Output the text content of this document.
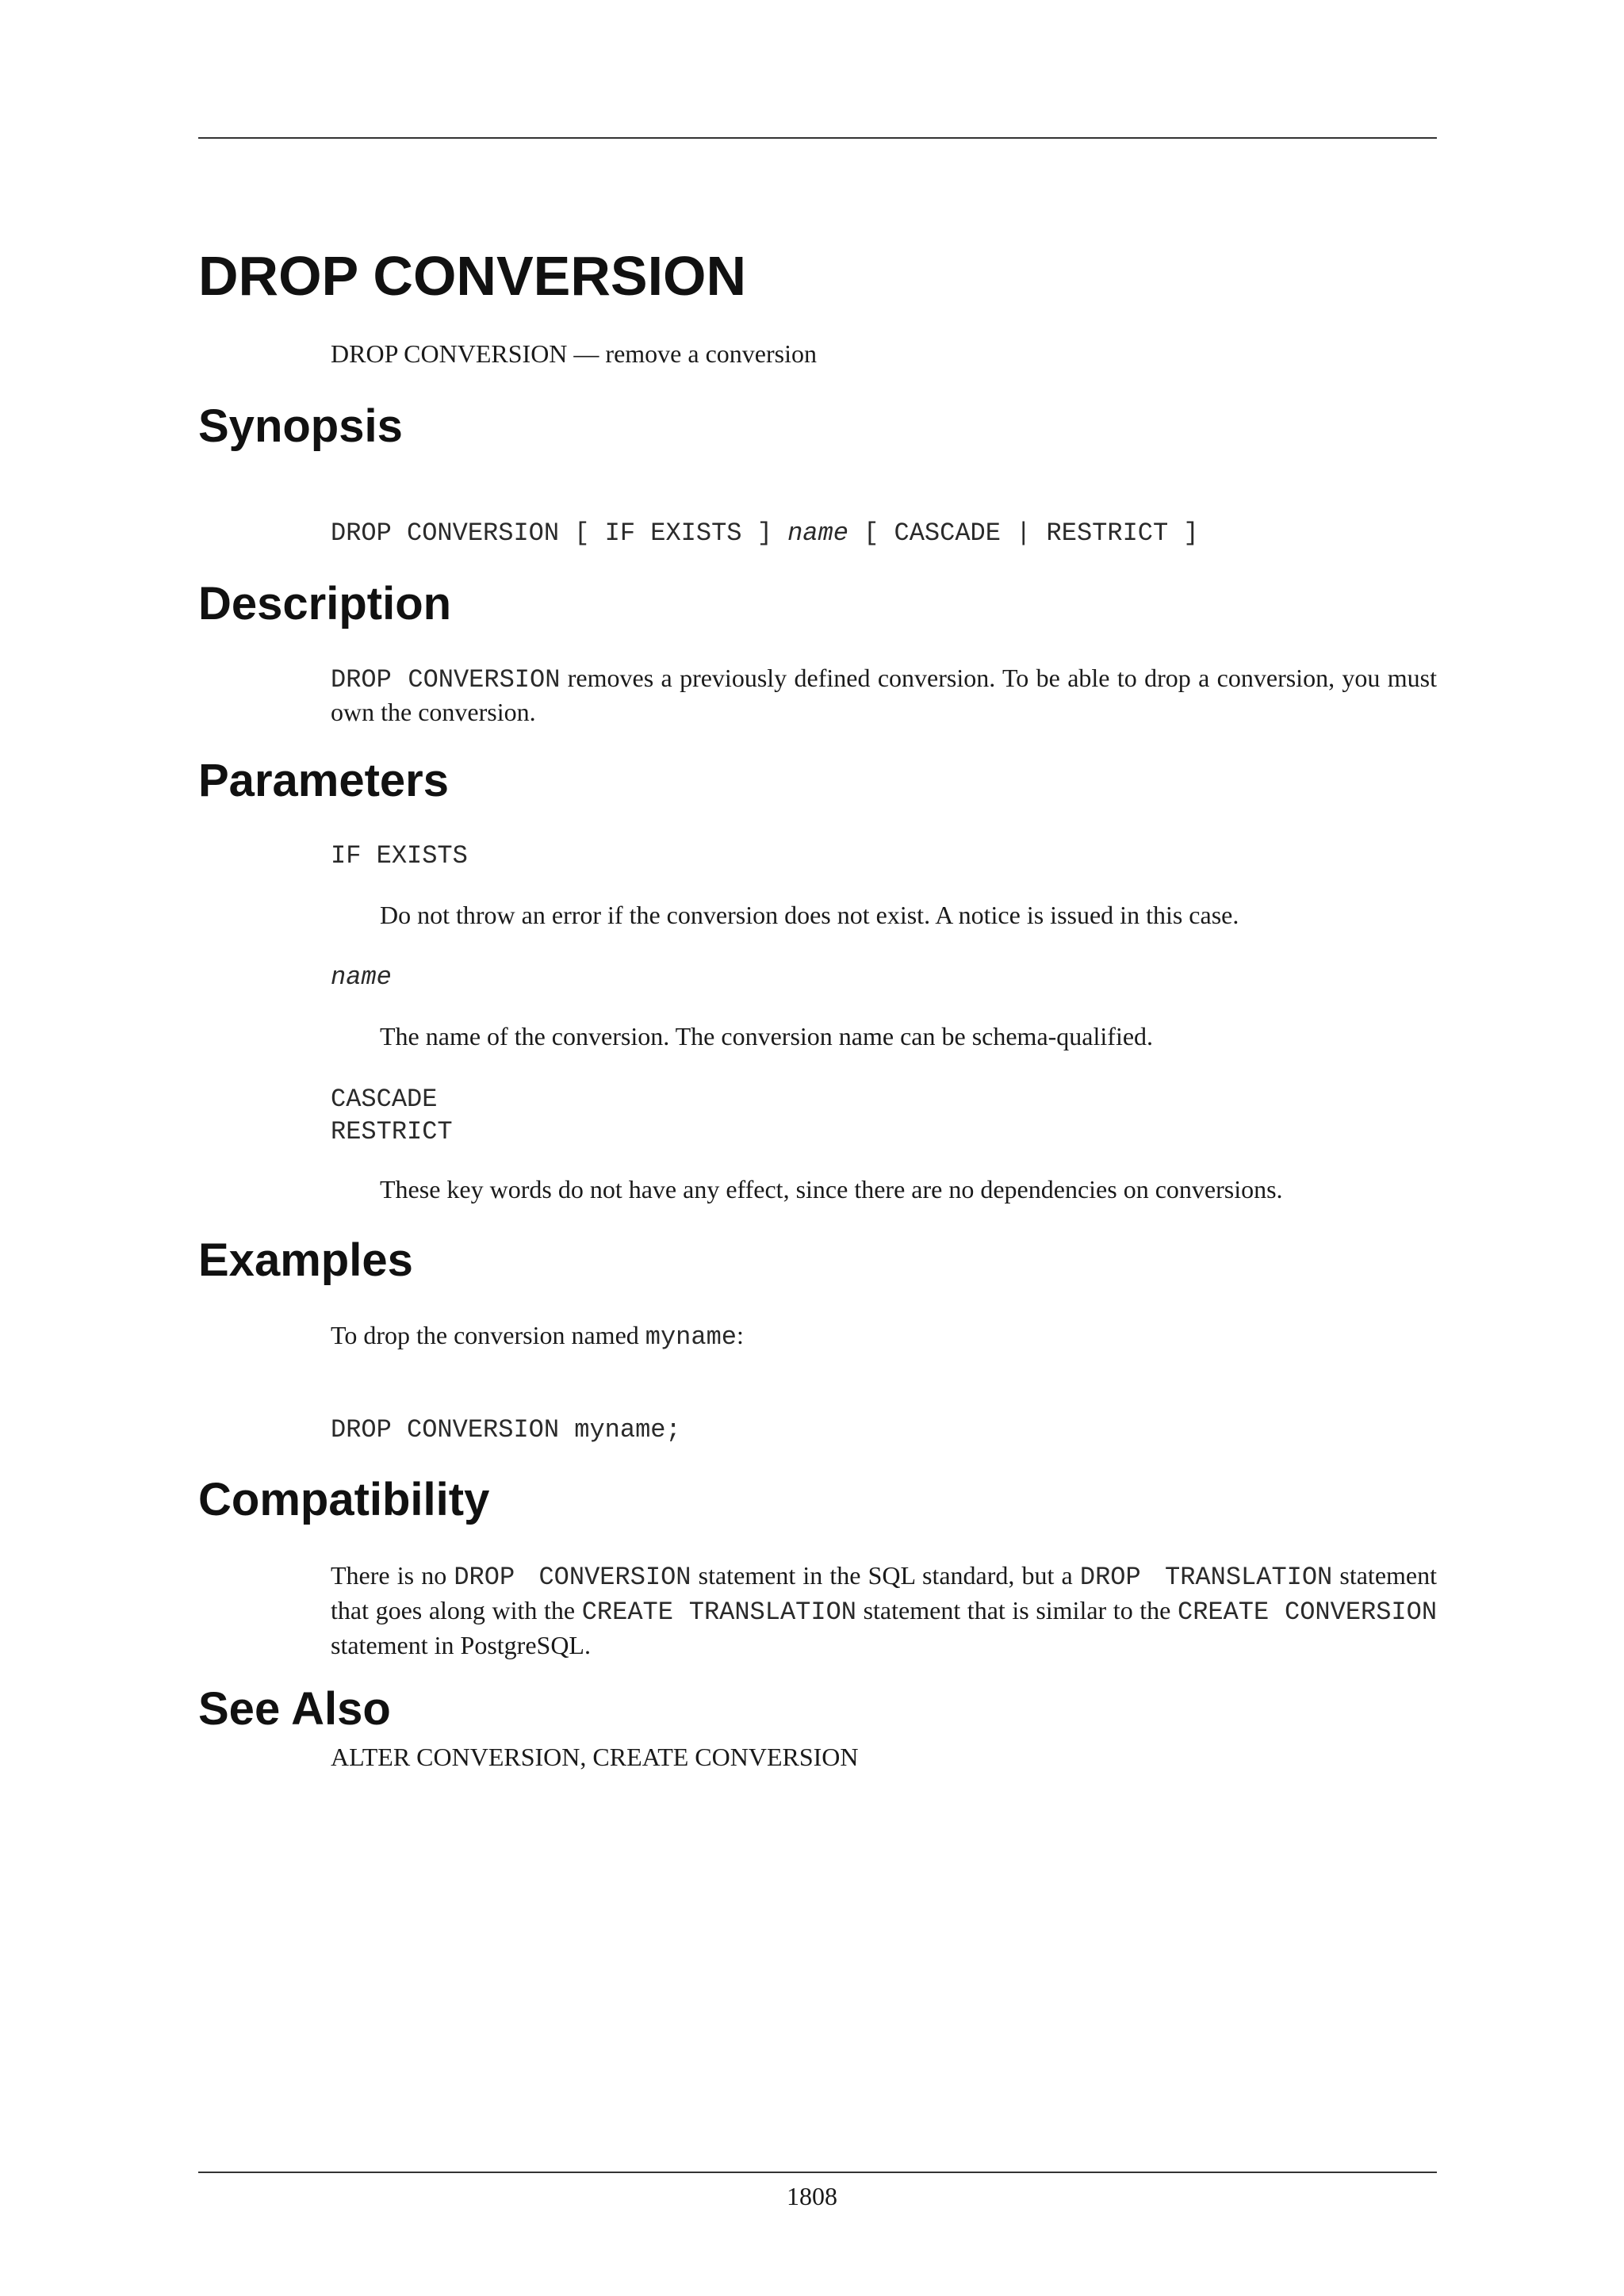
DROP CONVERSION
DROP CONVERSION — remove a conversion
Synopsis
DROP CONVERSION [ IF EXISTS ] name [ CASCADE | RESTRICT ]
Description
DROP CONVERSION removes a previously defined conversion. To be able to drop a conversion, you must own the conversion.
Parameters
IF EXISTS
Do not throw an error if the conversion does not exist. A notice is issued in this case.
name
The name of the conversion. The conversion name can be schema-qualified.
CASCADE
RESTRICT
These key words do not have any effect, since there are no dependencies on conversions.
Examples
To drop the conversion named myname:
DROP CONVERSION myname;
Compatibility
There is no DROP CONVERSION statement in the SQL standard, but a DROP TRANSLATION statement that goes along with the CREATE TRANSLATION statement that is similar to the CREATE CONVERSION statement in PostgreSQL.
See Also
ALTER CONVERSION, CREATE CONVERSION
1808
